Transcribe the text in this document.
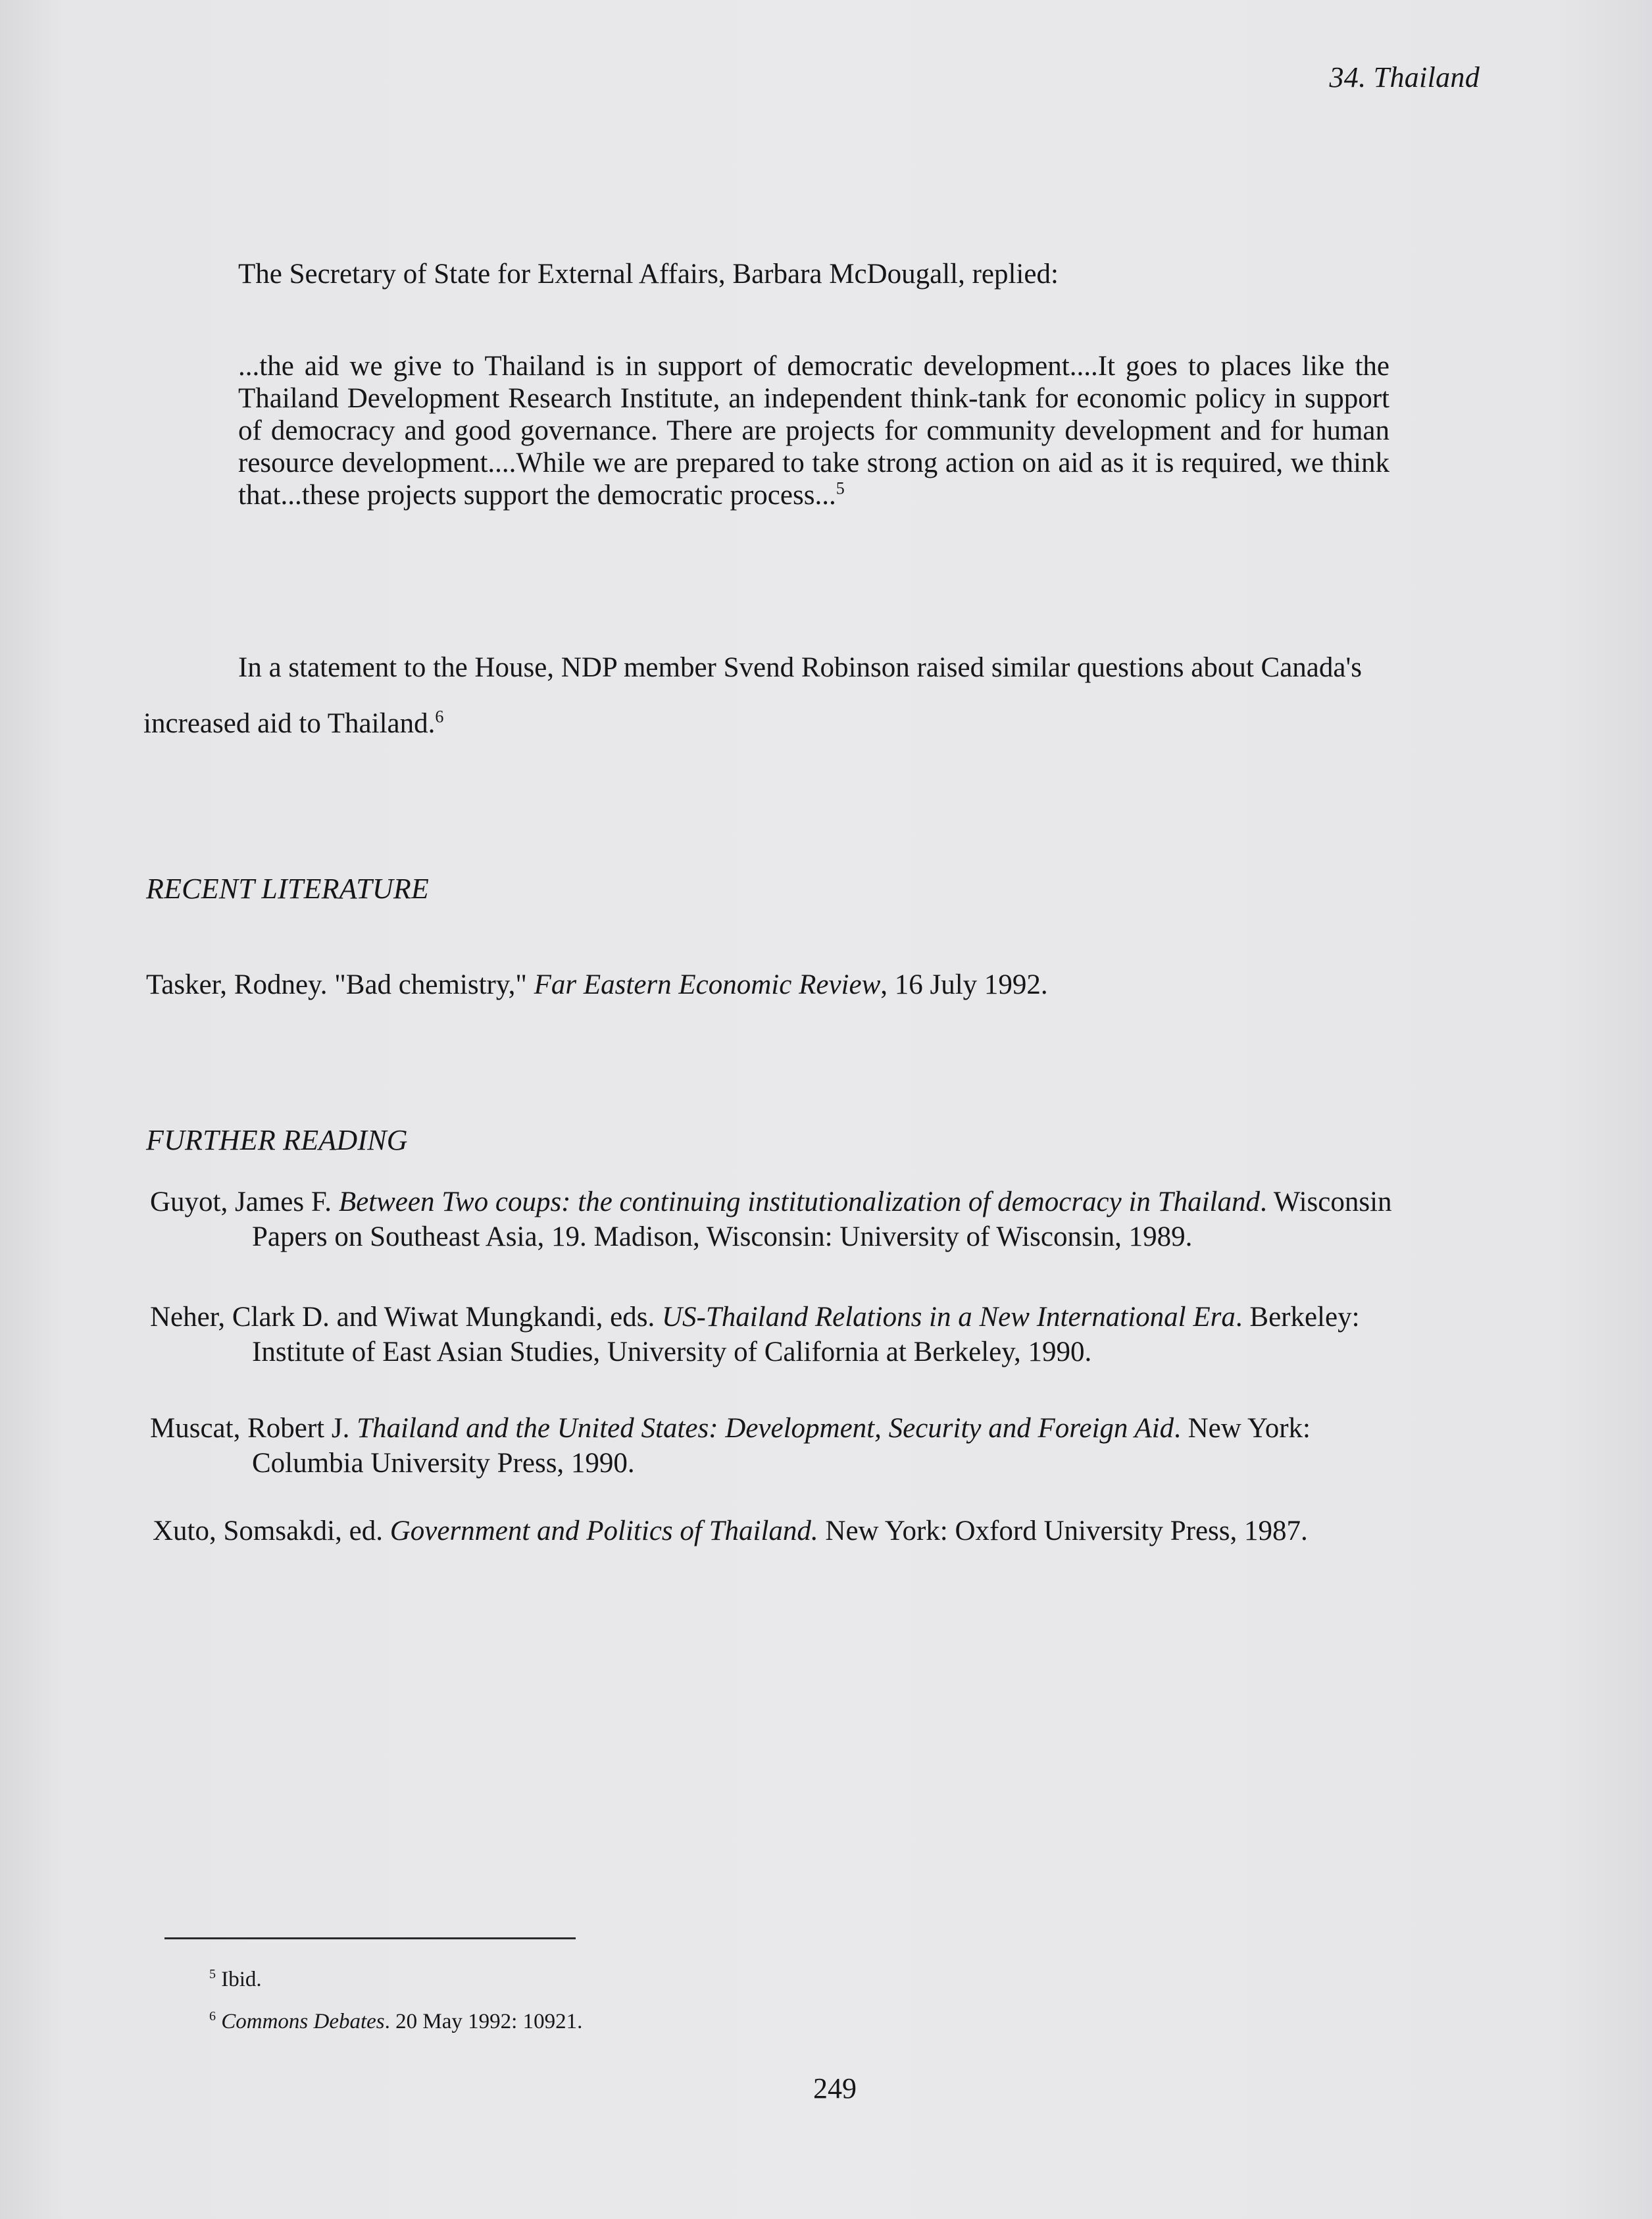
34. Thailand

The Secretary of State for External Affairs, Barbara McDougall, replied:

...the aid we give to Thailand is in support of democratic development....It goes to places like the Thailand Development Research Institute, an independent think-tank for economic policy in support of democracy and good governance. There are projects for community development and for human resource development....While we are prepared to take strong action on aid as it is required, we think that...these projects support the democratic process...$^5$

In a statement to the House, NDP member Svend Robinson raised similar questions about Canada's

increased aid to Thailand.$^6$

RECENT LITERATURE

Tasker, Rodney. "Bad chemistry," Far Eastern Economic Review, 16 July 1992.

FURTHER READING

Guyot, James F. Between Two coups: the continuing institutionalization of democracy in Thailand. Wisconsin
Papers on Southeast Asia, 19. Madison, Wisconsin: University of Wisconsin, 1989.

Neher, Clark D. and Wiwat Mungkandi, eds. US-Thailand Relations in a New International Era. Berkeley:
Institute of East Asian Studies, University of California at Berkeley, 1990.

Muscat, Robert J. Thailand and the United States: Development, Security and Foreign Aid. New York:
Columbia University Press, 1990.

Xuto, Somsakdi, ed. Government and Politics of Thailand. New York: Oxford University Press, 1987.

$^5$ Ibid.
$^6$ Commons Debates. 20 May 1992: 10921.
249
